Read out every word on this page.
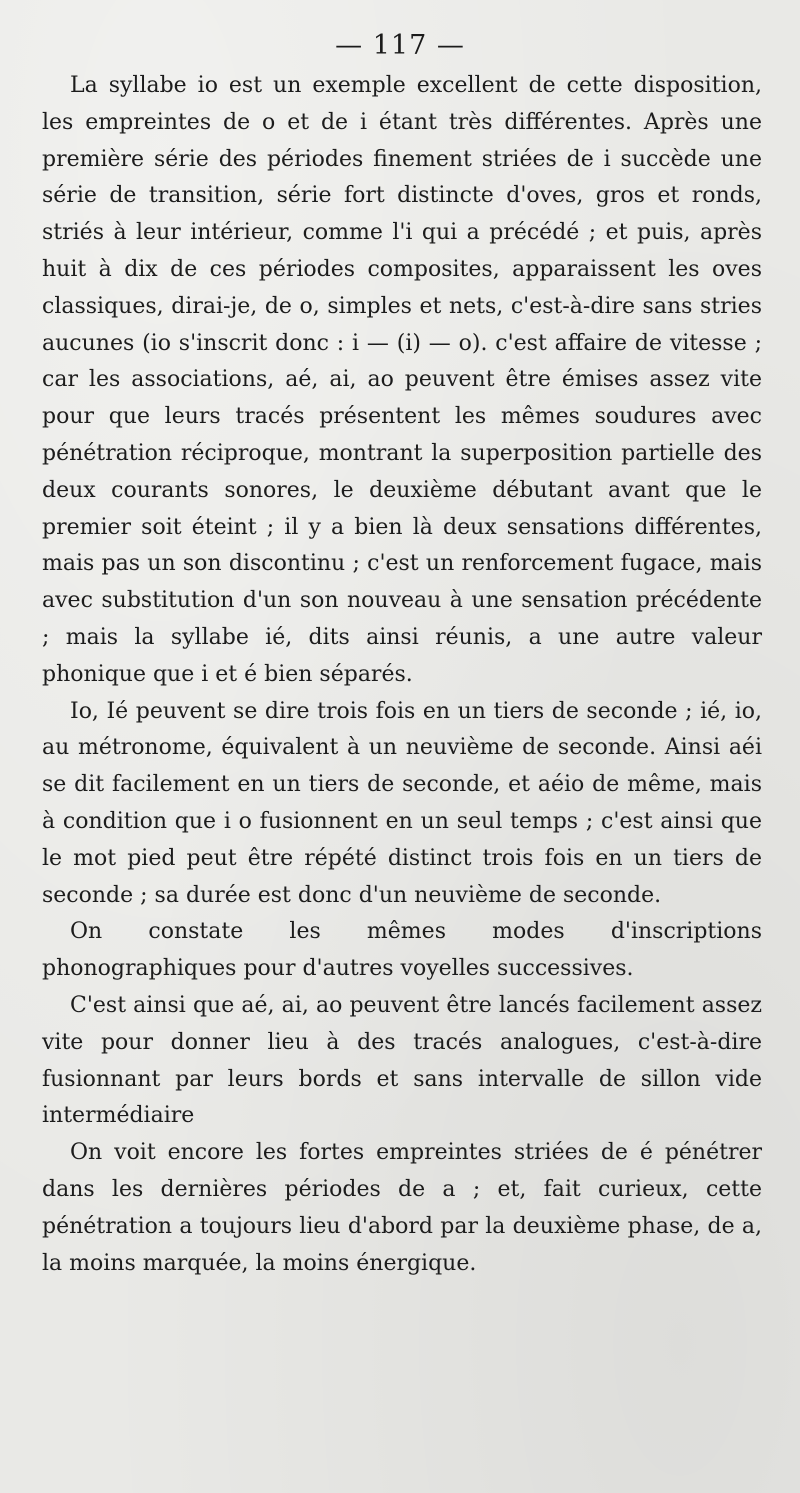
— 117 —

La syllabe io est un exemple excellent de cette disposition, les empreintes de o et de i étant très différentes. Après une première série des périodes finement striées de i succède une série de transition, série fort distincte d'oves, gros et ronds, striés à leur intérieur, comme l'i qui a précédé ; et puis, après huit à dix de ces périodes composites, apparaissent les oves classiques, dirai-je, de o, simples et nets, c'est-à-dire sans stries aucunes (io s'inscrit donc : i — (i) — o). c'est affaire de vitesse ; car les associations, aé, ai, ao peuvent être émises assez vite pour que leurs tracés présentent les mêmes soudures avec pénétration réciproque, montrant la superposition partielle des deux courants sonores, le deuxième débutant avant que le premier soit éteint ; il y a bien là deux sensations différentes, mais pas un son discontinu ; c'est un renforcement fugace, mais avec substitution d'un son nouveau à une sensation précédente ; mais la syllabe ié, dits ainsi réunis, a une autre valeur phonique que i et é bien séparés.

Io, Ié peuvent se dire trois fois en un tiers de seconde ; ié, io, au métronome, équivalent à un neuvième de seconde. Ainsi aéi se dit facilement en un tiers de seconde, et aéio de même, mais à condition que i o fusionnent en un seul temps ; c'est ainsi que le mot pied peut être répété distinct trois fois en un tiers de seconde ; sa durée est donc d'un neuvième de seconde.

On constate les mêmes modes d'inscriptions phonographiques pour d'autres voyelles successives.

C'est ainsi que aé, ai, ao peuvent être lancés facilement assez vite pour donner lieu à des tracés analogues, c'est-à-dire fusionnant par leurs bords et sans intervalle de sillon vide intermédiaire

On voit encore les fortes empreintes striées de é pénétrer dans les dernières périodes de a ; et, fait curieux, cette pénétration a toujours lieu d'abord par la deuxième phase, de a, la moins marquée, la moins énergique.
